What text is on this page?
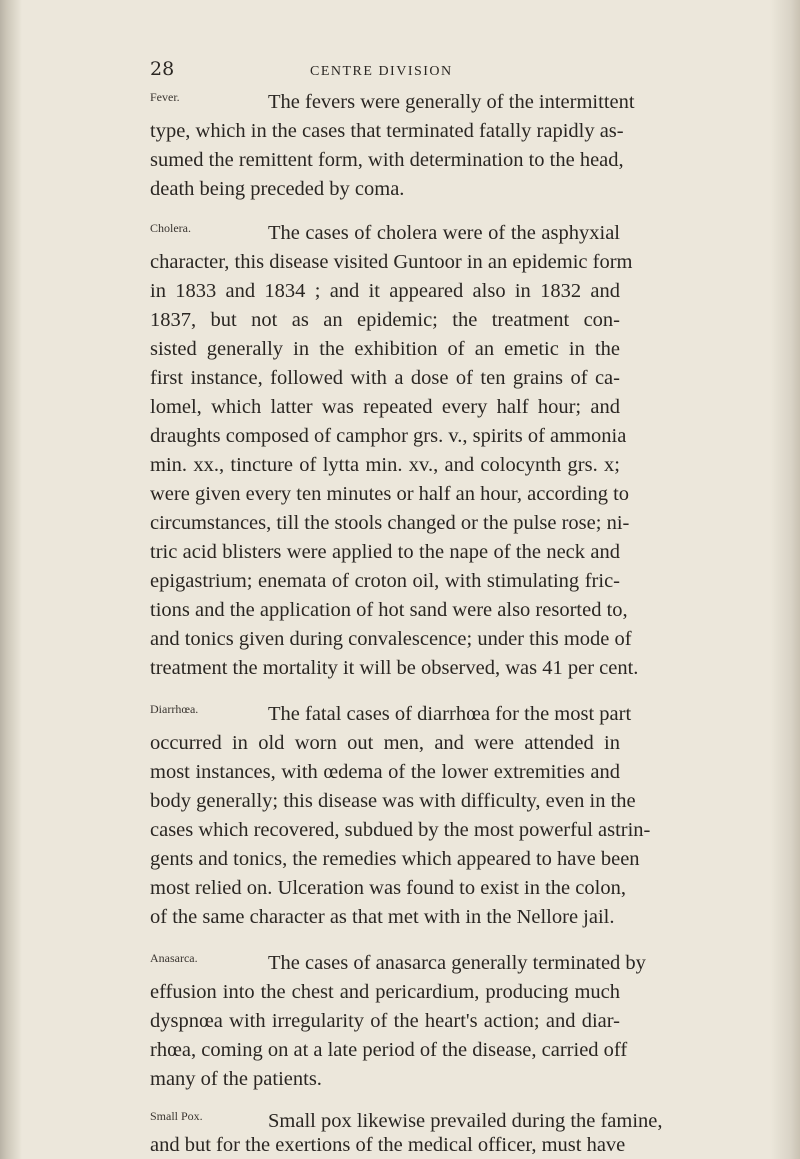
28	CENTRE DIVISION
Fever.	The fevers were generally of the intermittent
type, which in the cases that terminated fatally rapidly as-
sumed the remittent form, with determination to the head,
death being preceded by coma.
Cholera.	The cases of cholera were of the asphyxial
character, this disease visited Guntoor in an epidemic form
in 1833 and 1834 ; and it appeared also in 1832 and
1837, but not as an epidemic; the treatment con-
sisted generally in the exhibition of an emetic in the
first instance, followed with a dose of ten grains of ca-
lomel, which latter was repeated every half hour; and
draughts composed of camphor grs. v., spirits of ammonia
min. xx., tincture of lytta min. xv., and colocynth grs. x;
were given every ten minutes or half an hour, according to
circumstances, till the stools changed or the pulse rose; ni-
tric acid blisters were applied to the nape of the neck and
epigastrium; enemata of croton oil, with stimulating fric-
tions and the application of hot sand were also resorted to,
and tonics given during convalescence; under this mode of
treatment the mortality it will be observed, was 41 per cent.
Diarrhœa.	The fatal cases of diarrhœa for the most part
occurred in old worn out men, and were attended in
most instances, with œdema of the lower extremities and
body generally; this disease was with difficulty, even in the
cases which recovered, subdued by the most powerful astrin-
gents and tonics, the remedies which appeared to have been
most relied on. Ulceration was found to exist in the colon,
of the same character as that met with in the Nellore jail.
Anasarca.	The cases of anasarca generally terminated by
effusion into the chest and pericardium, producing much
dyspnœa with irregularity of the heart's action; and diar-
rhœa, coming on at a late period of the disease, carried off
many of the patients.
Small Pox.	Small pox likewise prevailed during the famine,
and but for the exertions of the medical officer, must have
